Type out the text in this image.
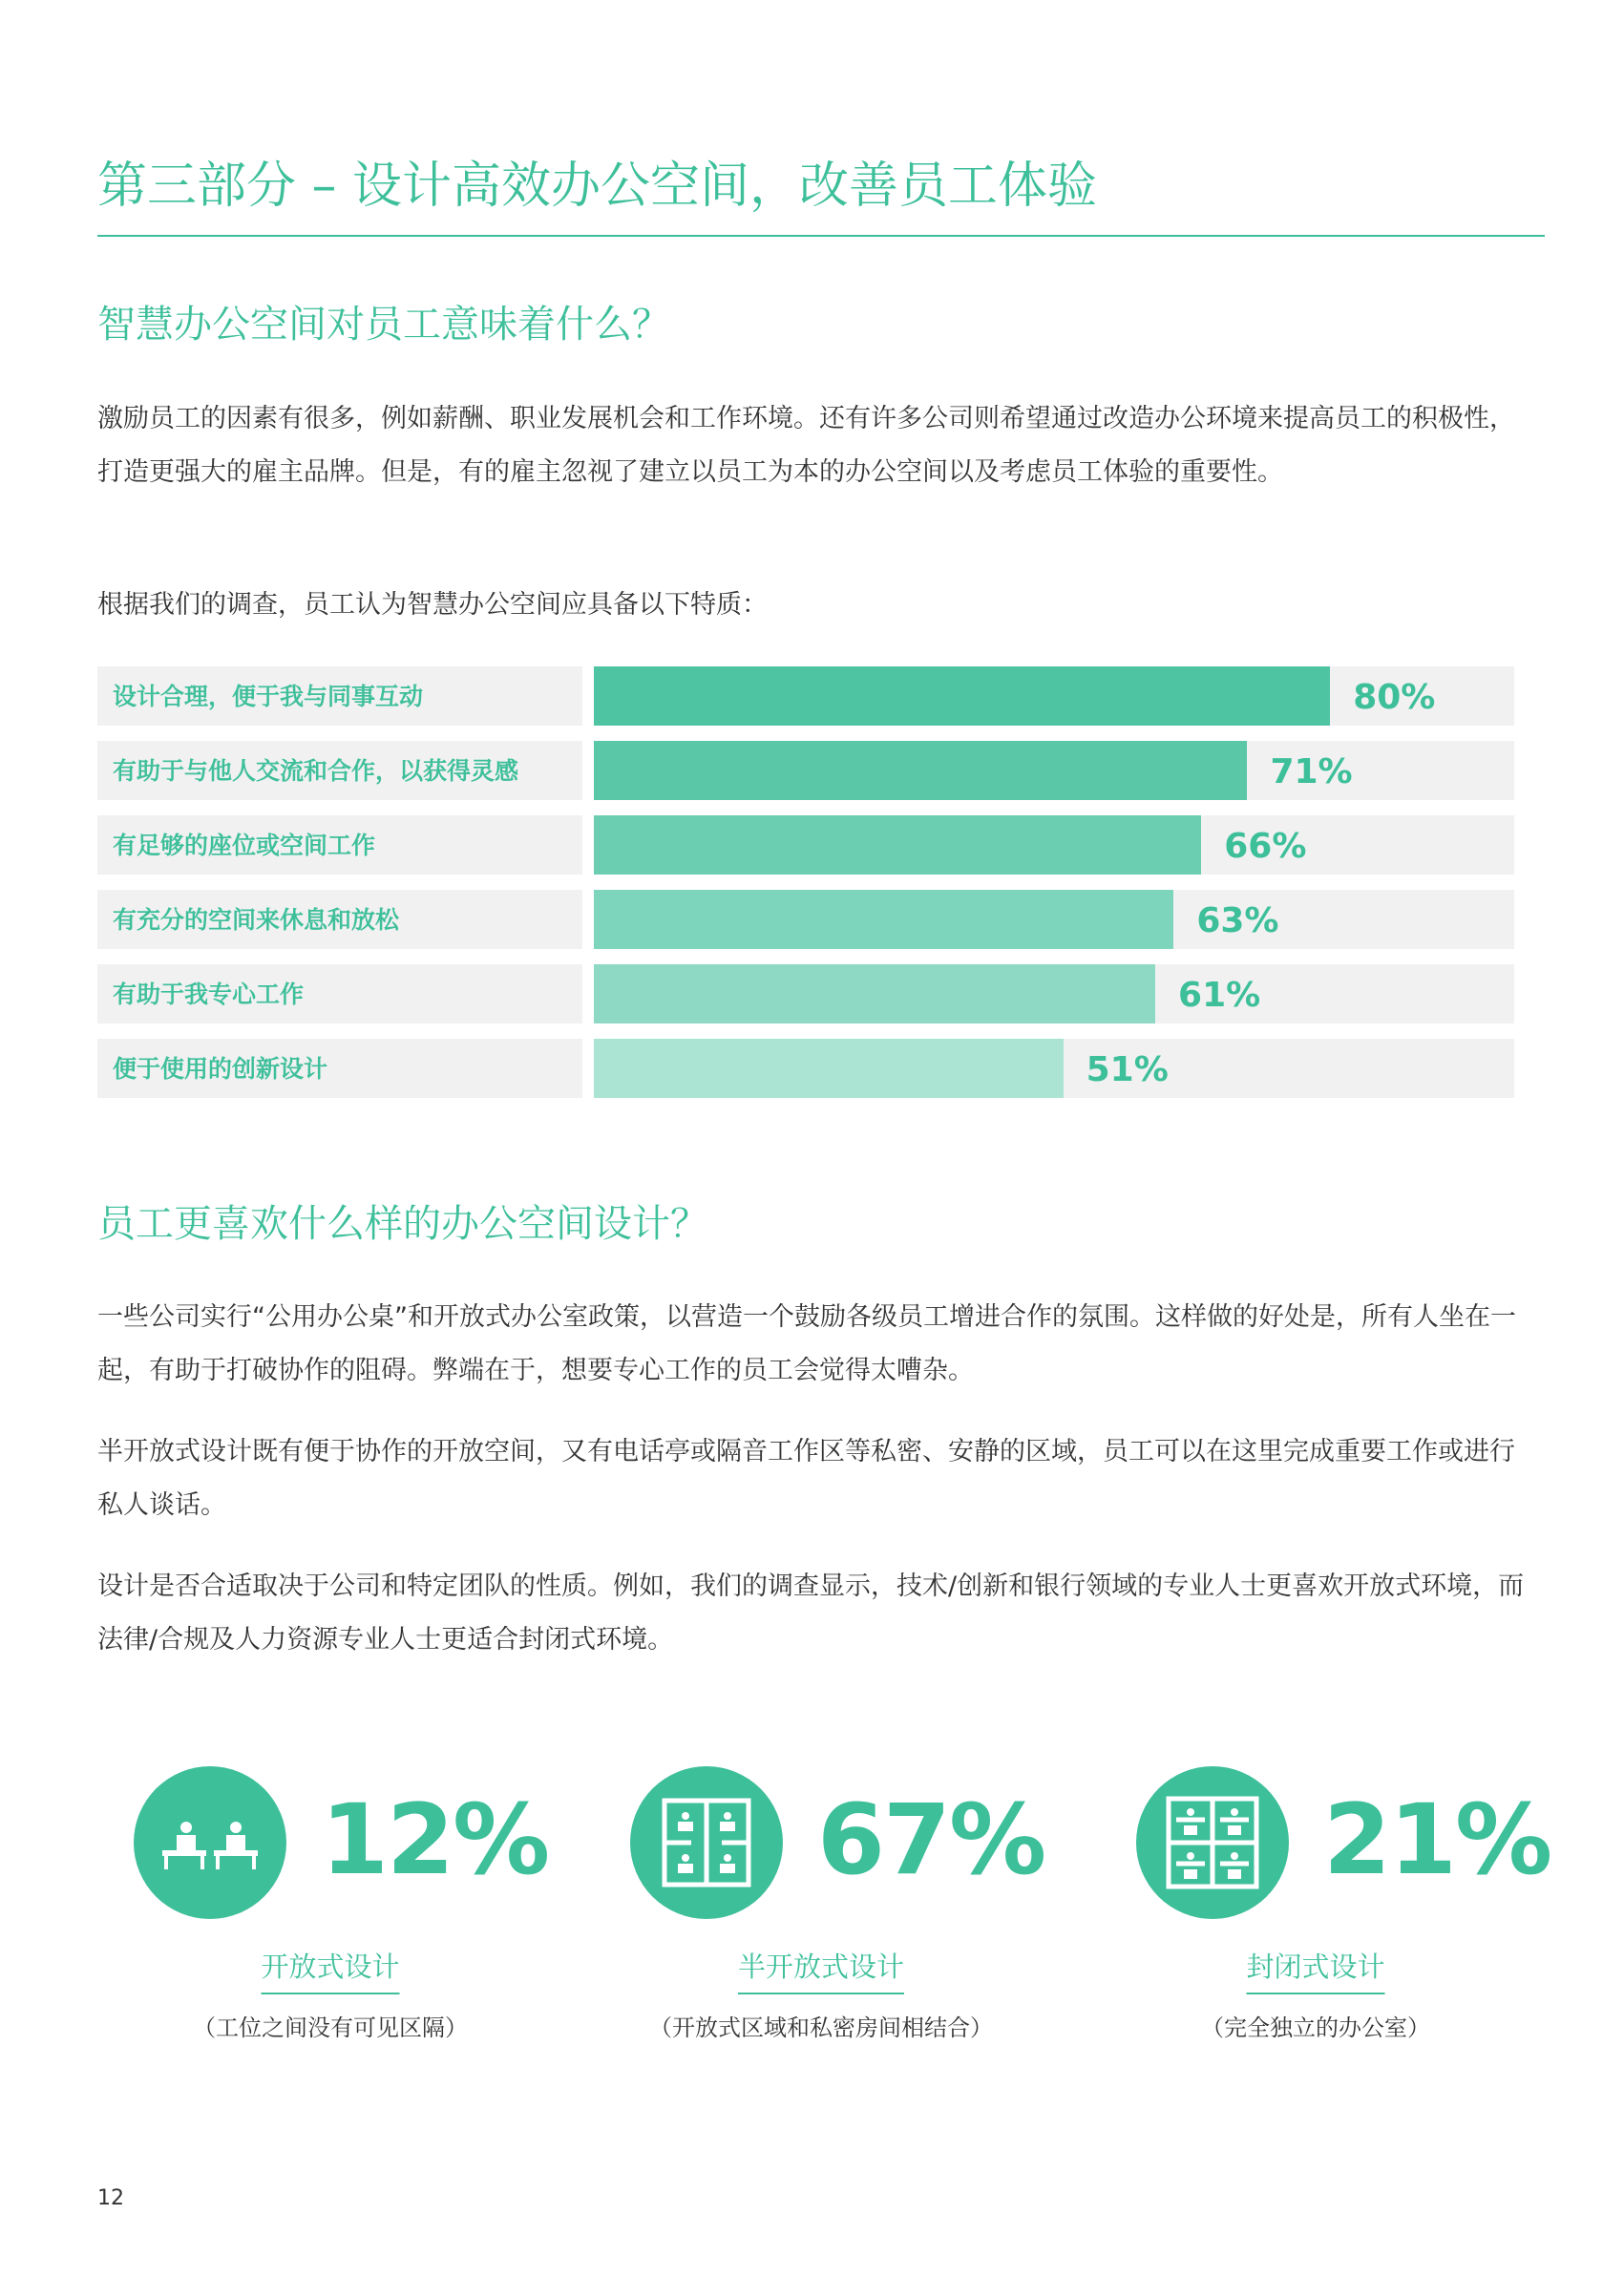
第三部分 – 设计高效办公空间，改善员工体验
智慧办公空间对员工意味着什么？

激励员工的因素有很多，例如薪酬、职业发展机会和工作环境。还有许多公司则希望通过改造办公环境来提高员工的积极性，打造更强大的雇主品牌。但是，有的雇主忽视了建立以员工为本的办公空间以及考虑员工体验的重要性。

根据我们的调查，员工认为智慧办公空间应具备以下特质：

设计合理，便于我与同事互动	80%
有助于与他人交流和合作，以获得灵感	71%
有足够的座位或空间工作	66%
有充分的空间来休息和放松	63%
有助于我专心工作	61%
便于使用的创新设计	51%
员工更喜欢什么样的办公空间设计？

一些公司实行“公用办公桌”和开放式办公室政策，以营造一个鼓励各级员工增进合作的氛围。这样做的好处是，所有人坐在一起，有助于打破协作的阻碍。弊端在于，想要专心工作的员工会觉得太嘈杂。

半开放式设计既有便于协作的开放空间，又有电话亭或隔音工作区等私密、安静的区域，员工可以在这里完成重要工作或进行私人谈话。

设计是否合适取决于公司和特定团队的性质。例如，我们的调查显示，技术/创新和银行领域的专业人士更喜欢开放式环境，而法律/合规及人力资源专业人士更适合封闭式环境。

12%
开放式设计
（工位之间没有可见区隔）
67%
半开放式设计
（开放式区域和私密房间相结合）
21%
封闭式设计
（完全独立的办公室）
12
